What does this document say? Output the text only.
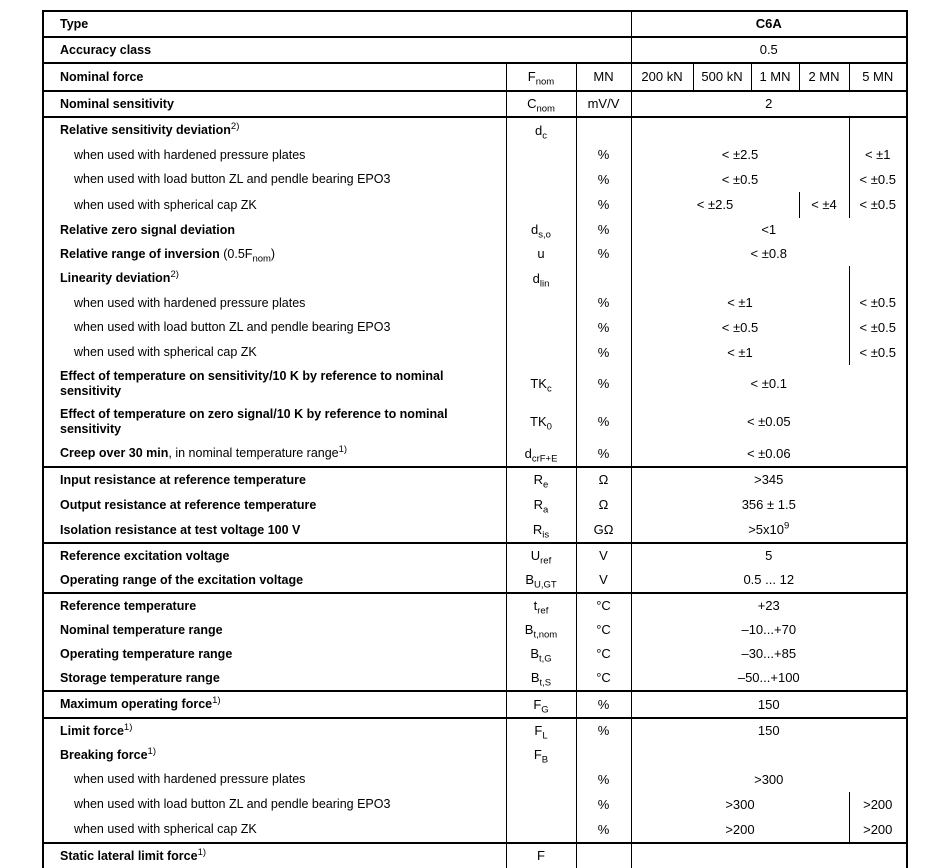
Type			C6A				
Accuracy class			0.5				
Nominal force	$F_{nom}$	MN	200 kN	500 kN	1 MN	2 MN	5 MN
Nominal sensitivity	$C_{nom}$	mV/V	2				
Relative sensitivity deviation$^{2)}$	$d_c$			
when used with hardened pressure plates		%	< ±2.5				< ±1
when used with load button ZL and pendle bearing EPO3		%	< ±0.5				< ±0.5
when used with spherical cap ZK		%	< ±2.5			< ±4	< ±0.5
Relative zero signal deviation	$d_{s,o}$	%	<1				
Relative range of inversion $(0.5F_{nom})$	u	%	< ±0.8				
Linearity deviation$^{2)}$	$d_{lin}$			
when used with hardened pressure plates		%	< ±1				< ±0.5
when used with load button ZL and pendle bearing EPO3		%	< ±0.5				< ±0.5
when used with spherical cap ZK		%	< ±1				< ±0.5
Effect of temperature on sensitivity/10 K by reference to nominal sensitivity	$TK_c$	%	< ±0.1				
Effect of temperature on zero signal/10 K by reference to nominal sensitivity	$TK_0$	%	< ±0.05				
Creep over 30 min, in nominal temperature range$^{1)}$	$d_{crF+E}$	%	< ±0.06				
Input resistance at reference temperature	$R_e$	Ω	>345				
Output resistance at reference temperature	$R_a$	Ω	356 ± 1.5				
Isolation resistance at test voltage 100 V	$R_{is}$	GΩ	$>5x10^9$
Reference excitation voltage	$U_{ref}$	V	5				
Operating range of the excitation voltage	$B_{U,GT}$	V	0.5 ... 12				
Reference temperature	$t_{ref}$	°C	+23				
Nominal temperature range	$B_{t,nom}$	°C	–10...+70				
Operating temperature range	$B_{t,G}$	°C	–30...+85				
Storage temperature range	$B_{t,S}$	°C	–50...+100				
Maximum operating force$^{1)}$	$F_G$	%	150				
Limit force$^{1)}$	$F_L$	%	150				
Breaking force$^{1)}$	$F_B$		
when used with hardened pressure plates		%	>300				
when used with load button ZL and pendle bearing EPO3		%	>300				>200
when used with spherical cap ZK		%	>200				>200
Static lateral limit force$^{1)}$	F						
